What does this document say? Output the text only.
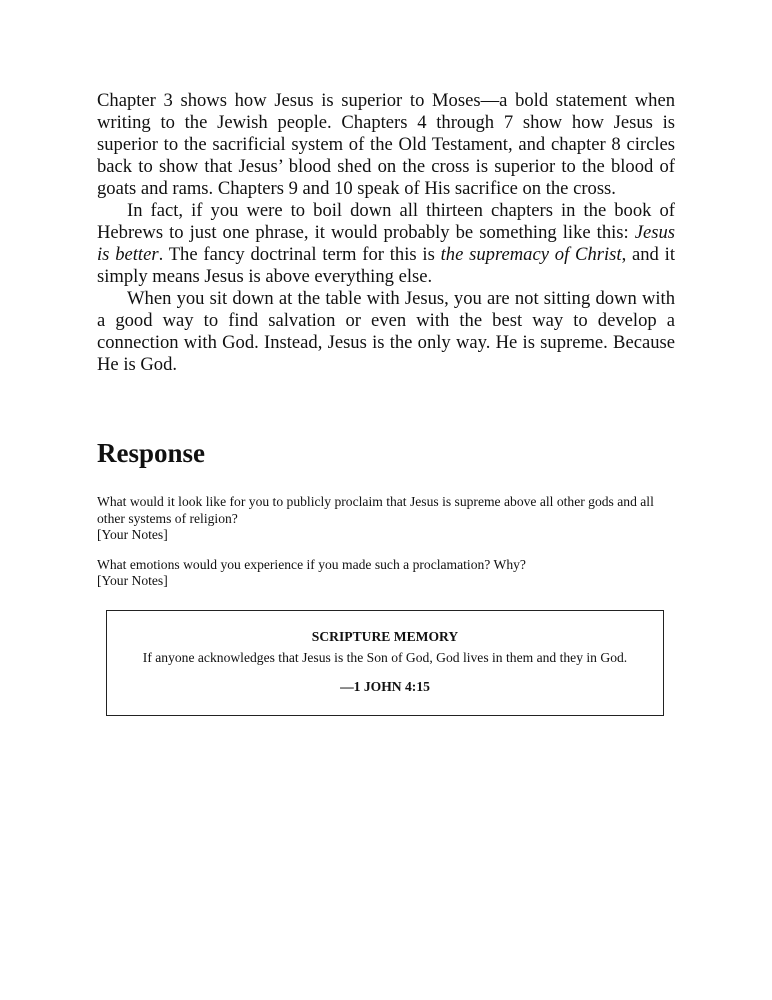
Chapter 3 shows how Jesus is superior to Moses—a bold statement when writing to the Jewish people. Chapters 4 through 7 show how Jesus is superior to the sacrificial system of the Old Testament, and chapter 8 circles back to show that Jesus’ blood shed on the cross is superior to the blood of goats and rams. Chapters 9 and 10 speak of His sacrifice on the cross.

In fact, if you were to boil down all thirteen chapters in the book of Hebrews to just one phrase, it would probably be something like this: Jesus is better. The fancy doctrinal term for this is the supremacy of Christ, and it simply means Jesus is above everything else.

When you sit down at the table with Jesus, you are not sitting down with a good way to find salvation or even with the best way to develop a connection with God. Instead, Jesus is the only way. He is supreme. Because He is God.

Response
What would it look like for you to publicly proclaim that Jesus is supreme above all other gods and all other systems of religion?
[Your Notes]
What emotions would you experience if you made such a proclamation? Why?
[Your Notes]
SCRIPTURE MEMORY
If anyone acknowledges that Jesus is the Son of God, God lives in them and they in God.
—1 JOHN 4:15
